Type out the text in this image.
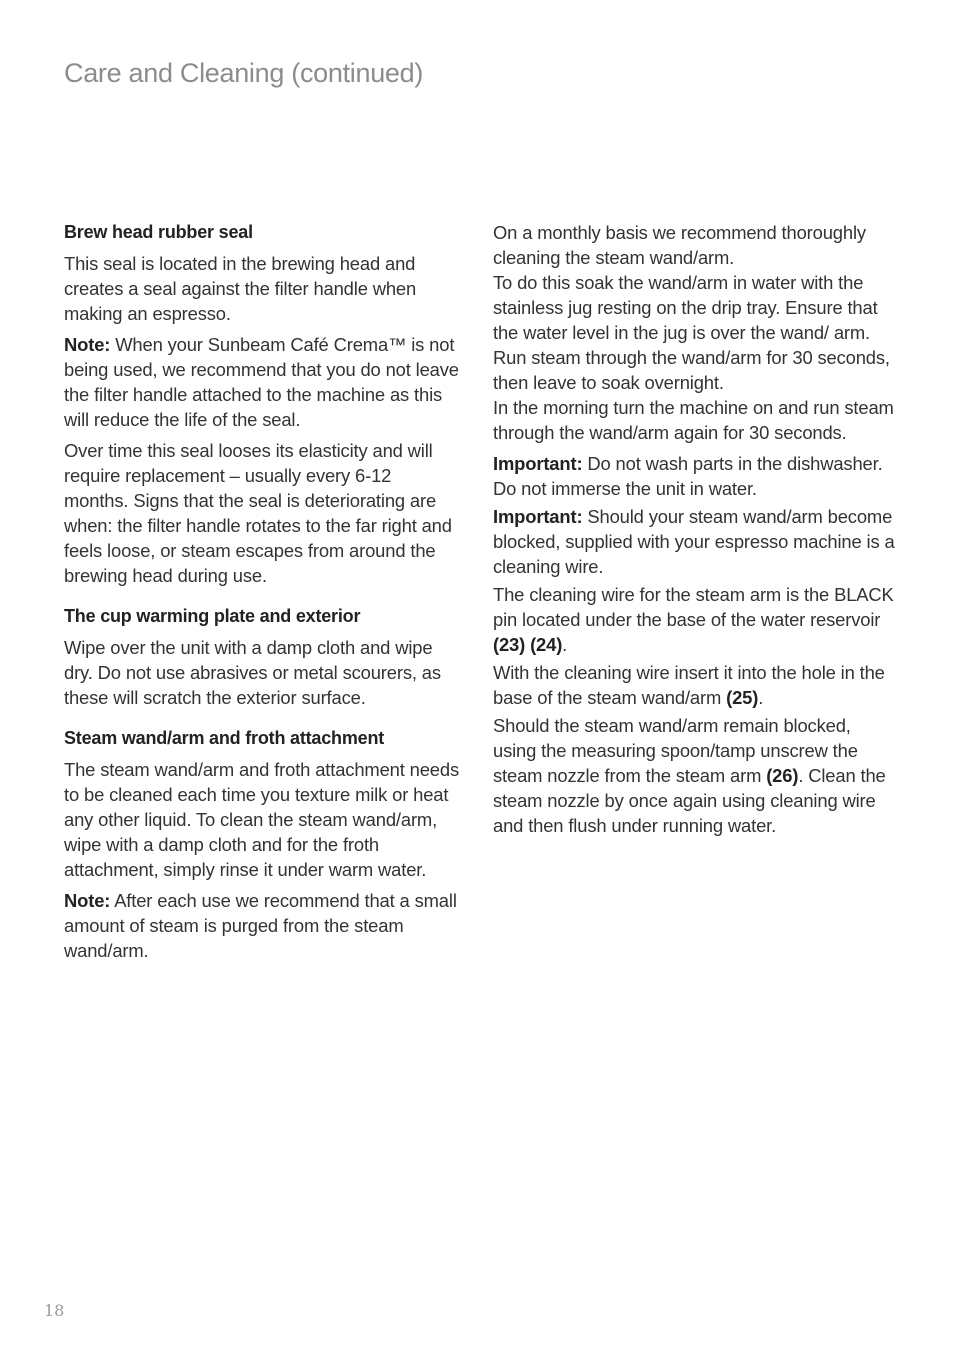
Care and Cleaning (continued)

Brew head rubber seal

This seal is located in the brewing head and creates a seal against the filter handle when making an espresso.

Note: When your Sunbeam Café Crema™ is not being used, we recommend that you do not leave the filter handle attached to the machine as this will reduce the life of the seal.

Over time this seal looses its elasticity and will require replacement – usually every 6-12 months. Signs that the seal is deteriorating are when: the filter handle rotates to the far right and feels loose, or steam escapes from around the brewing head during use.

The cup warming plate and exterior

Wipe over the unit with a damp cloth and wipe dry. Do not use abrasives or metal scourers, as these will scratch the exterior surface.

Steam wand/arm and froth attachment

The steam wand/arm and froth attachment needs to be cleaned each time you texture milk or heat any other liquid. To clean the steam wand/arm, wipe with a damp cloth and for the froth attachment, simply rinse it under warm water.

Note: After each use we recommend that a small amount of steam is purged from the steam wand/arm.

On a monthly basis we recommend thoroughly cleaning the steam wand/arm.

To do this soak the wand/arm in water with the stainless jug resting on the drip tray. Ensure that the water level in the jug is over the wand/ arm. Run steam through the wand/arm for 30 seconds, then leave to soak overnight.

In the morning turn the machine on and run steam through the wand/arm again for 30 seconds.

Important: Do not wash parts in the dishwasher. Do not immerse the unit in water.

Important: Should your steam wand/arm become blocked, supplied with your espresso machine is a cleaning wire.

The cleaning wire for the steam arm is the BLACK pin located under the base of the water reservoir (23) (24).

With the cleaning wire insert it into the hole in the base of the steam wand/arm (25).

Should the steam wand/arm remain blocked, using the measuring spoon/tamp unscrew the steam nozzle from the steam arm (26). Clean the steam nozzle by once again using cleaning wire and then flush under running water.

18
